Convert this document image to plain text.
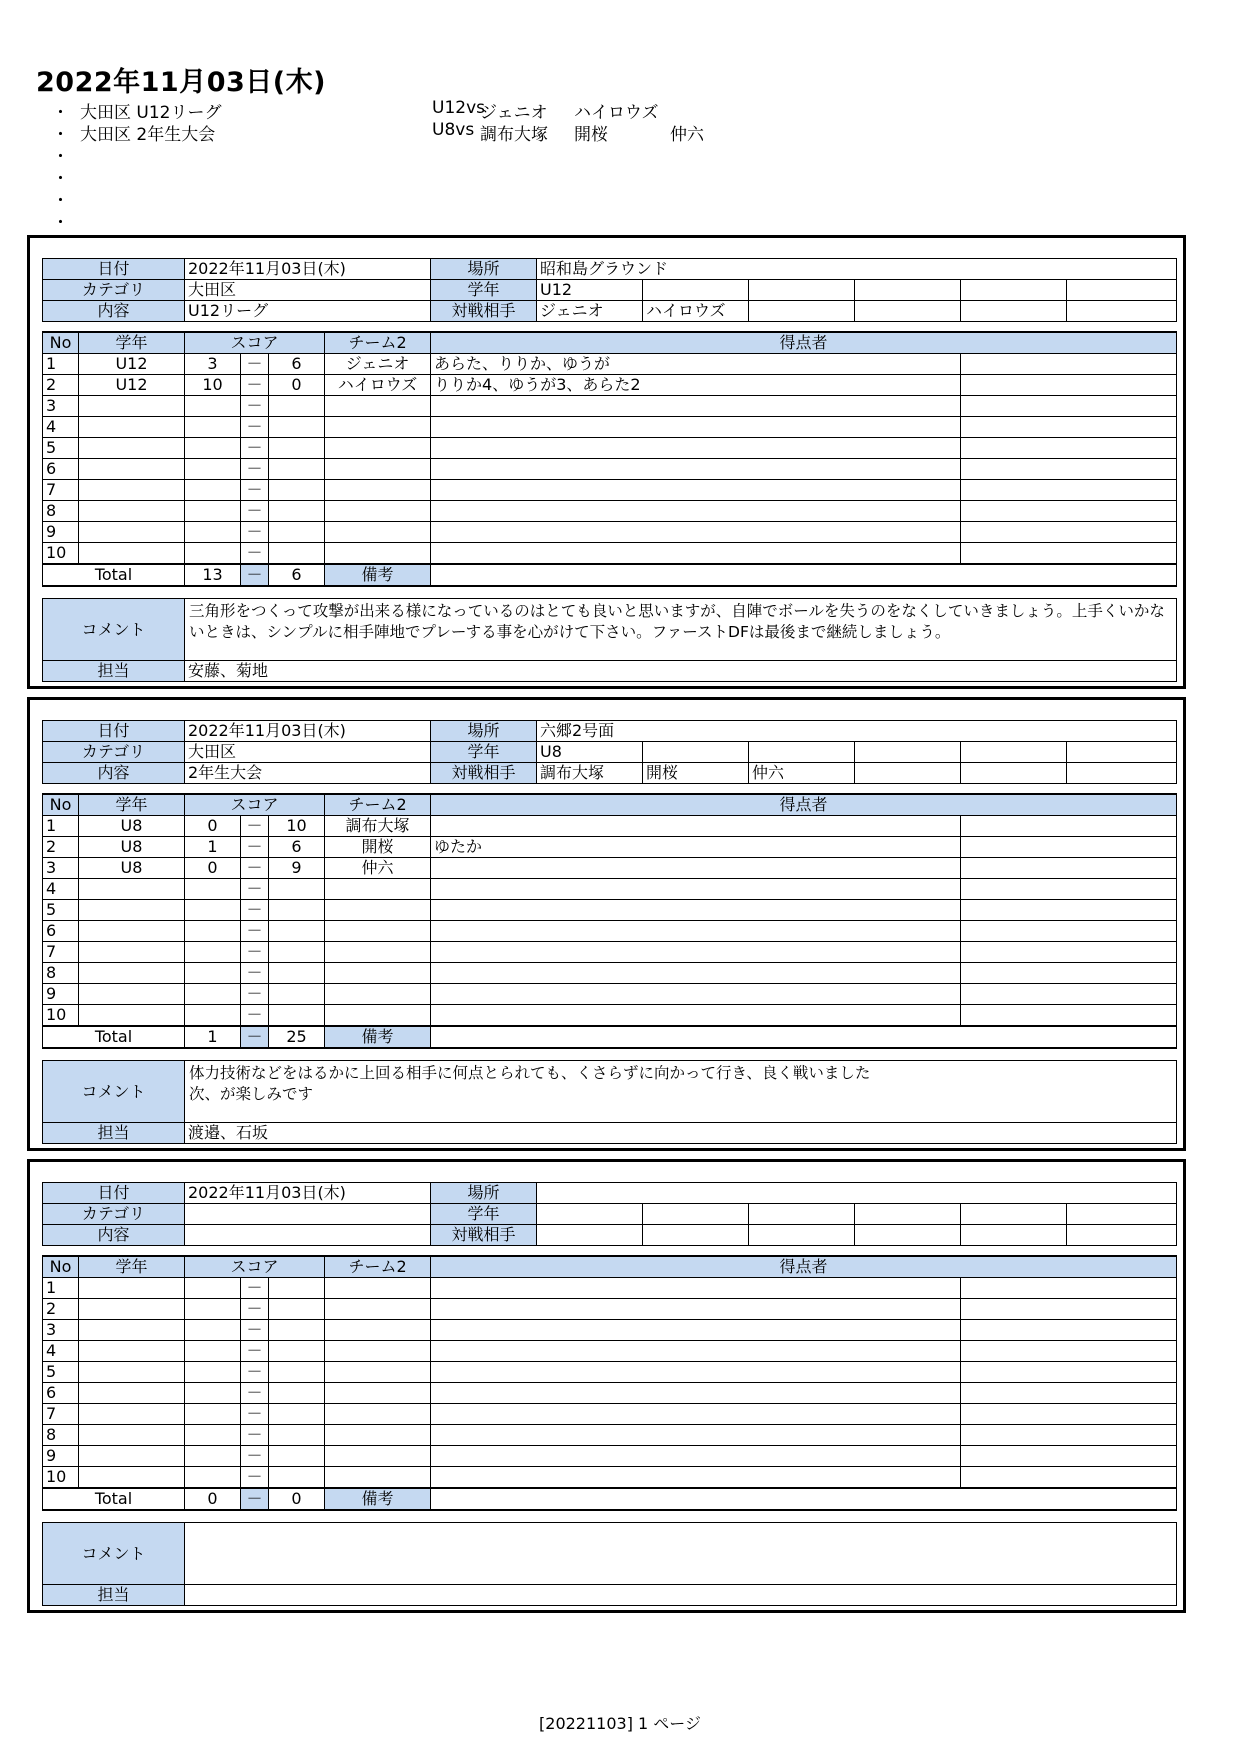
2022年11月03日(木)
・ 大田区 U12リーグ	U12vs
ジェニオ ハイロウズ
・ 大田区 2年生大会	U8vs 調布大塚 開桜	仲六
・
・
・
・
日付	2022年11月03日(木)	場所	昭和島グラウンド					
カテゴリ	大田区	学年	U12					
内容	U12リーグ	対戦相手	ジェニオ	ハイロウズ				
No	学年	スコア			チーム2	得点者	
1	U12	3	－	6	ジェニオ	あらた、りりか、ゆうが	
2	U12	10	－	0	ハイロウズ	りりか4、ゆうが3、あらた2	
3			－				
4			－				
5			－				
6			－				
7			－				
8			－				
9			－				
10			－				
Total		13	－	6	備考		
コメント	三角形をつくって攻撃が出来る様になっているのはとても良いと思いますが、自陣でボールを失うのをなくしていきましょう。上手くいかないときは、シンプルに相手陣地でプレーする事を心がけて下さい。ファーストDFは最後まで継続しましょう。
担当	安藤、菊地
日付	2022年11月03日(木)	場所	六郷2号面					
カテゴリ	大田区	学年	U8					
内容	2年生大会	対戦相手	調布大塚	開桜	仲六			
No	学年	スコア			チーム2	得点者	
1	U8	0	－	10	調布大塚		
2	U8	1	－	6	開桜	ゆたか	
3	U8	0	－	9	仲六		
4			－				
5			－				
6			－				
7			－				
8			－				
9			－				
10			－				
Total		1	－	25	備考		
コメント	体力技術などをはるかに上回る相手に何点とられても、くさらずに向かって行き、良く戦いました
次、が楽しみです
担当	渡邉、石坂
日付	2022年11月03日(木)	場所						
カテゴリ		学年						
内容		対戦相手						
No	学年	スコア			チーム2	得点者	
1			－				
2			－				
3			－				
4			－				
5			－				
6			－				
7			－				
8			－				
9			－				
10			－				
Total		0	－	0	備考		
コメント	
担当	
[20221103] 1 ページ
